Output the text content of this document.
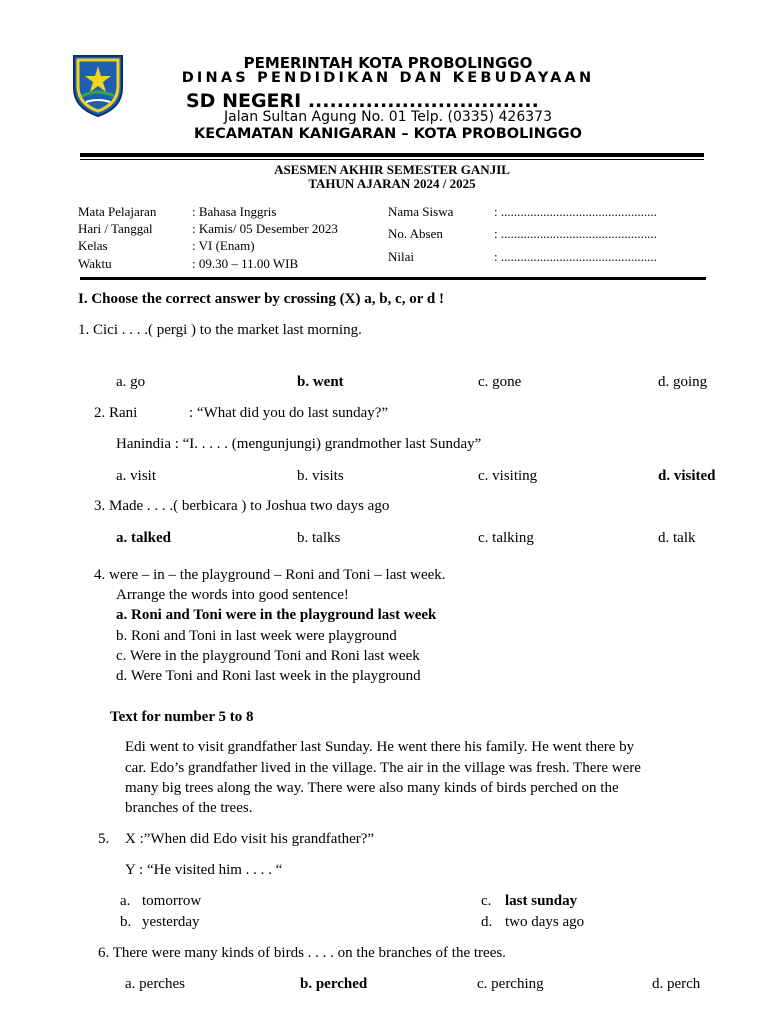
PEMERINTAH KOTA PROBOLINGGO
DINAS PENDIDIKAN DAN KEBUDAYAAN
SD NEGERI ................................
Jalan Sultan Agung No. 01 Telp. (0335) 426373
KECAMATAN KANIGARAN – KOTA PROBOLINGGO
ASESMEN AKHIR SEMESTER GANJIL
TAHUN AJARAN 2024 / 2025
Mata Pelajaran	: Bahasa Inggris
Hari / Tanggal	: Kamis/ 05 Desember 2023
Kelas	: VI (Enam)
Waktu	: 09.30 – 11.00 WIB
Nama Siswa	: ................................................
No. Absen	: ................................................
Nilai	: ................................................
I. Choose the correct answer by crossing (X) a, b, c, or d !
1. Cici . . . .( pergi ) to the market last morning.
a. go	b. went	c. gone	d. going
2. Rani	: “What did you do last sunday?”
Hanindia : “I. . . . . (mengunjungi) grandmother last Sunday”
a. visit	b. visits	c. visiting	d. visited
3. Made . . . .( berbicara ) to Joshua two days ago
a. talked	b. talks	c. talking	d. talk
4. were – in – the playground – Roni and Toni – last week.
Arrange the words into good sentence!
a. Roni and Toni were in the playground last week
b. Roni and Toni in last week were playground
c. Were in the playground Toni and Roni last week
d. Were Toni and Roni last week in the playground
Text for number 5 to 8
Edi went to visit grandfather last Sunday. He went there his family. He went there by
car. Edo’s grandfather lived in the village. The air in the village was fresh. There were
many big trees along the way. There were also many kinds of birds perched on the
branches of the trees.
5. X :”When did Edo visit his grandfather?”
Y : “He visited him . . . . “
a. tomorrow	c. last sunday
b. yesterday	d. two days ago
6. There were many kinds of birds . . . . on the branches of the trees.
a. perches	b. perched	c. perching	d. perch
